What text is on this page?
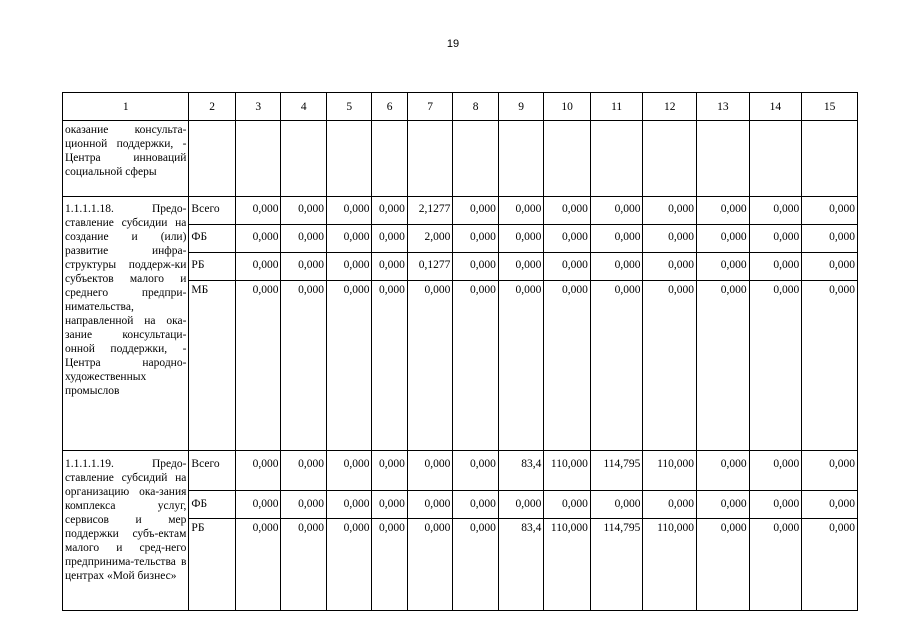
19
1	2	3	4	5	6	7	8	9	10	11	12	13	14	15
оказание консульта-ционной поддержки, - Центра инноваций социальной сферы														
1.1.1.1.18. Предо-ставление субсидии на создание и (или) развитие инфра-структуры поддерж-ки субъектов малого и среднего предпри-нимательства, направленной на ока-зание консультаци-онной поддержки, - Центра народно-художественных промыслов	Всего	0,000	0,000	0,000	0,000	2,1277	0,000	0,000	0,000	0,000	0,000	0,000	0,000	0,000
	ФБ	0,000	0,000	0,000	0,000	2,000	0,000	0,000	0,000	0,000	0,000	0,000	0,000	0,000
	РБ	0,000	0,000	0,000	0,000	0,1277	0,000	0,000	0,000	0,000	0,000	0,000	0,000	0,000
	МБ	0,000	0,000	0,000	0,000	0,000	0,000	0,000	0,000	0,000	0,000	0,000	0,000	0,000
1.1.1.1.19. Предо-ставление субсидий на организацию ока-зания комплекса услуг, сервисов и мер поддержки субъ-ектам малого и сред-него предпринима-тельства в центрах «Мой бизнес»	Всего	0,000	0,000	0,000	0,000	0,000	0,000	83,4	110,000	114,795	110,000	0,000	0,000	0,000
	ФБ	0,000	0,000	0,000	0,000	0,000	0,000	0,000	0,000	0,000	0,000	0,000	0,000	0,000
	РБ	0,000	0,000	0,000	0,000	0,000	0,000	83,4	110,000	114,795	110,000	0,000	0,000	0,000
